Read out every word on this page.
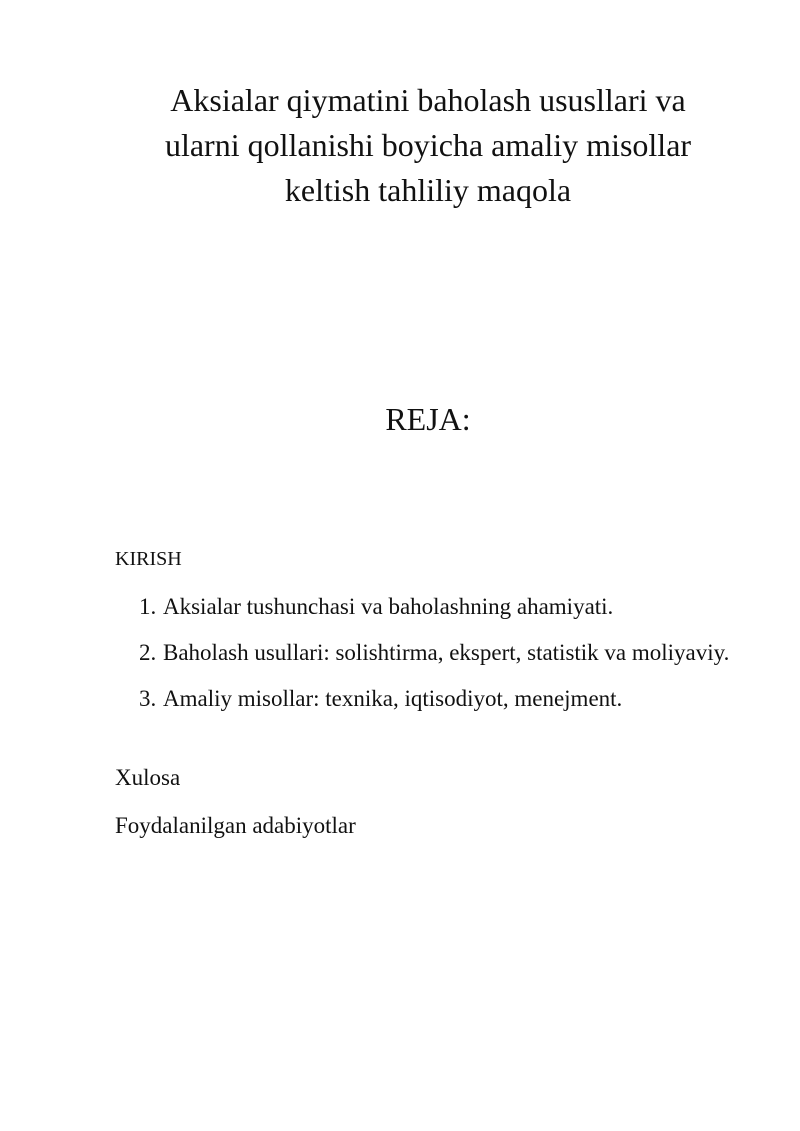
Aksialar qiymatini baholash ususllari va
ularni qollanishi boyicha amaliy misollar
keltish tahliliy maqola
REJA:

KIRISH

1. Aksialar tushunchasi va baholashning ahamiyati.
2. Baholash usullari: solishtirma, ekspert, statistik va moliyaviy.
3. Amaliy misollar: texnika, iqtisodiyot, menejment.

Xulosa

Foydalanilgan adabiyotlar
